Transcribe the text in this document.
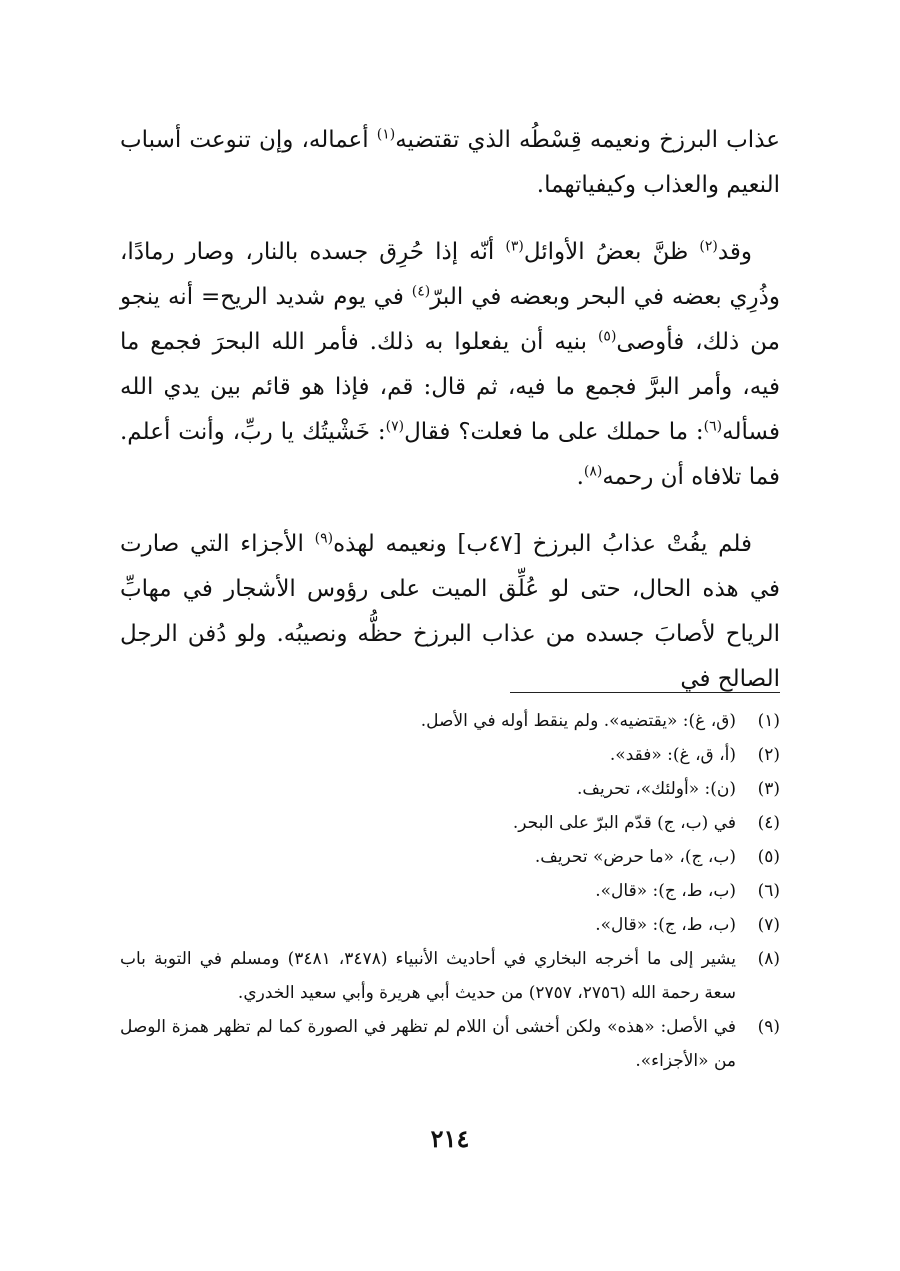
عذاب البرزخ ونعيمه قِسْطُه الذي تقتضيه$^{(١)}$ أعماله، وإن تنوعت أسباب النعيم والعذاب وكيفياتهما.

وقد$^{(٢)}$ ظنَّ بعضُ الأوائل$^{(٣)}$ أنّه إذا حُرِق جسده بالنار، وصار رمادًا، وذُرِي بعضه في البحر وبعضه في البرّ$^{(٤)}$ في يوم شديد الريح= أنه ينجو من ذلك، فأوصى$^{(٥)}$ بنيه أن يفعلوا به ذلك. فأمر الله البحرَ فجمع ما فيه، وأمر البرَّ فجمع ما فيه، ثم قال: قم، فإذا هو قائم بين يدي الله فسأله$^{(٦)}$: ما حملك على ما فعلت؟ فقال$^{(٧)}$: خَشْيتُك يا ربِّ، وأنت أعلم. فما تلافاه أن رحمه$^{(٨)}$.

فلم يفُتْ عذابُ البرزخ [٤٧ب] ونعيمه لهذه$^{(٩)}$ الأجزاء التي صارت في هذه الحال، حتى لو عُلِّق الميت على رؤوس الأشجار في مهابِّ الرياح لأصابَ جسده من عذاب البرزخ حظُّه ونصيبُه. ولو دُفن الرجل الصالح في

(١)
(ق، غ): «يقتضيه». ولم ينقط أوله في الأصل.
(٢)
(أ، ق، غ): «فقد».
(٣)
(ن): «أولئك»، تحريف.
(٤)
في (ب، ج) قدّم البرّ على البحر.
(٥)
(ب، ج)، «ما حرض» تحريف.
(٦)
(ب، ط، ج): «قال».
(٧)
(ب، ط، ج): «قال».
(٨)
يشير إلى ما أخرجه البخاري في أحاديث الأنبياء (٣٤٧٨، ٣٤٨١) ومسلم في التوبة باب سعة رحمة الله (٢٧٥٦، ٢٧٥٧) من حديث أبي هريرة وأبي سعيد الخدري.
(٩)
في الأصل: «هذه» ولكن أخشى أن اللام لم تظهر في الصورة كما لم تظهر همزة الوصل من «الأجزاء».
٢١٤
